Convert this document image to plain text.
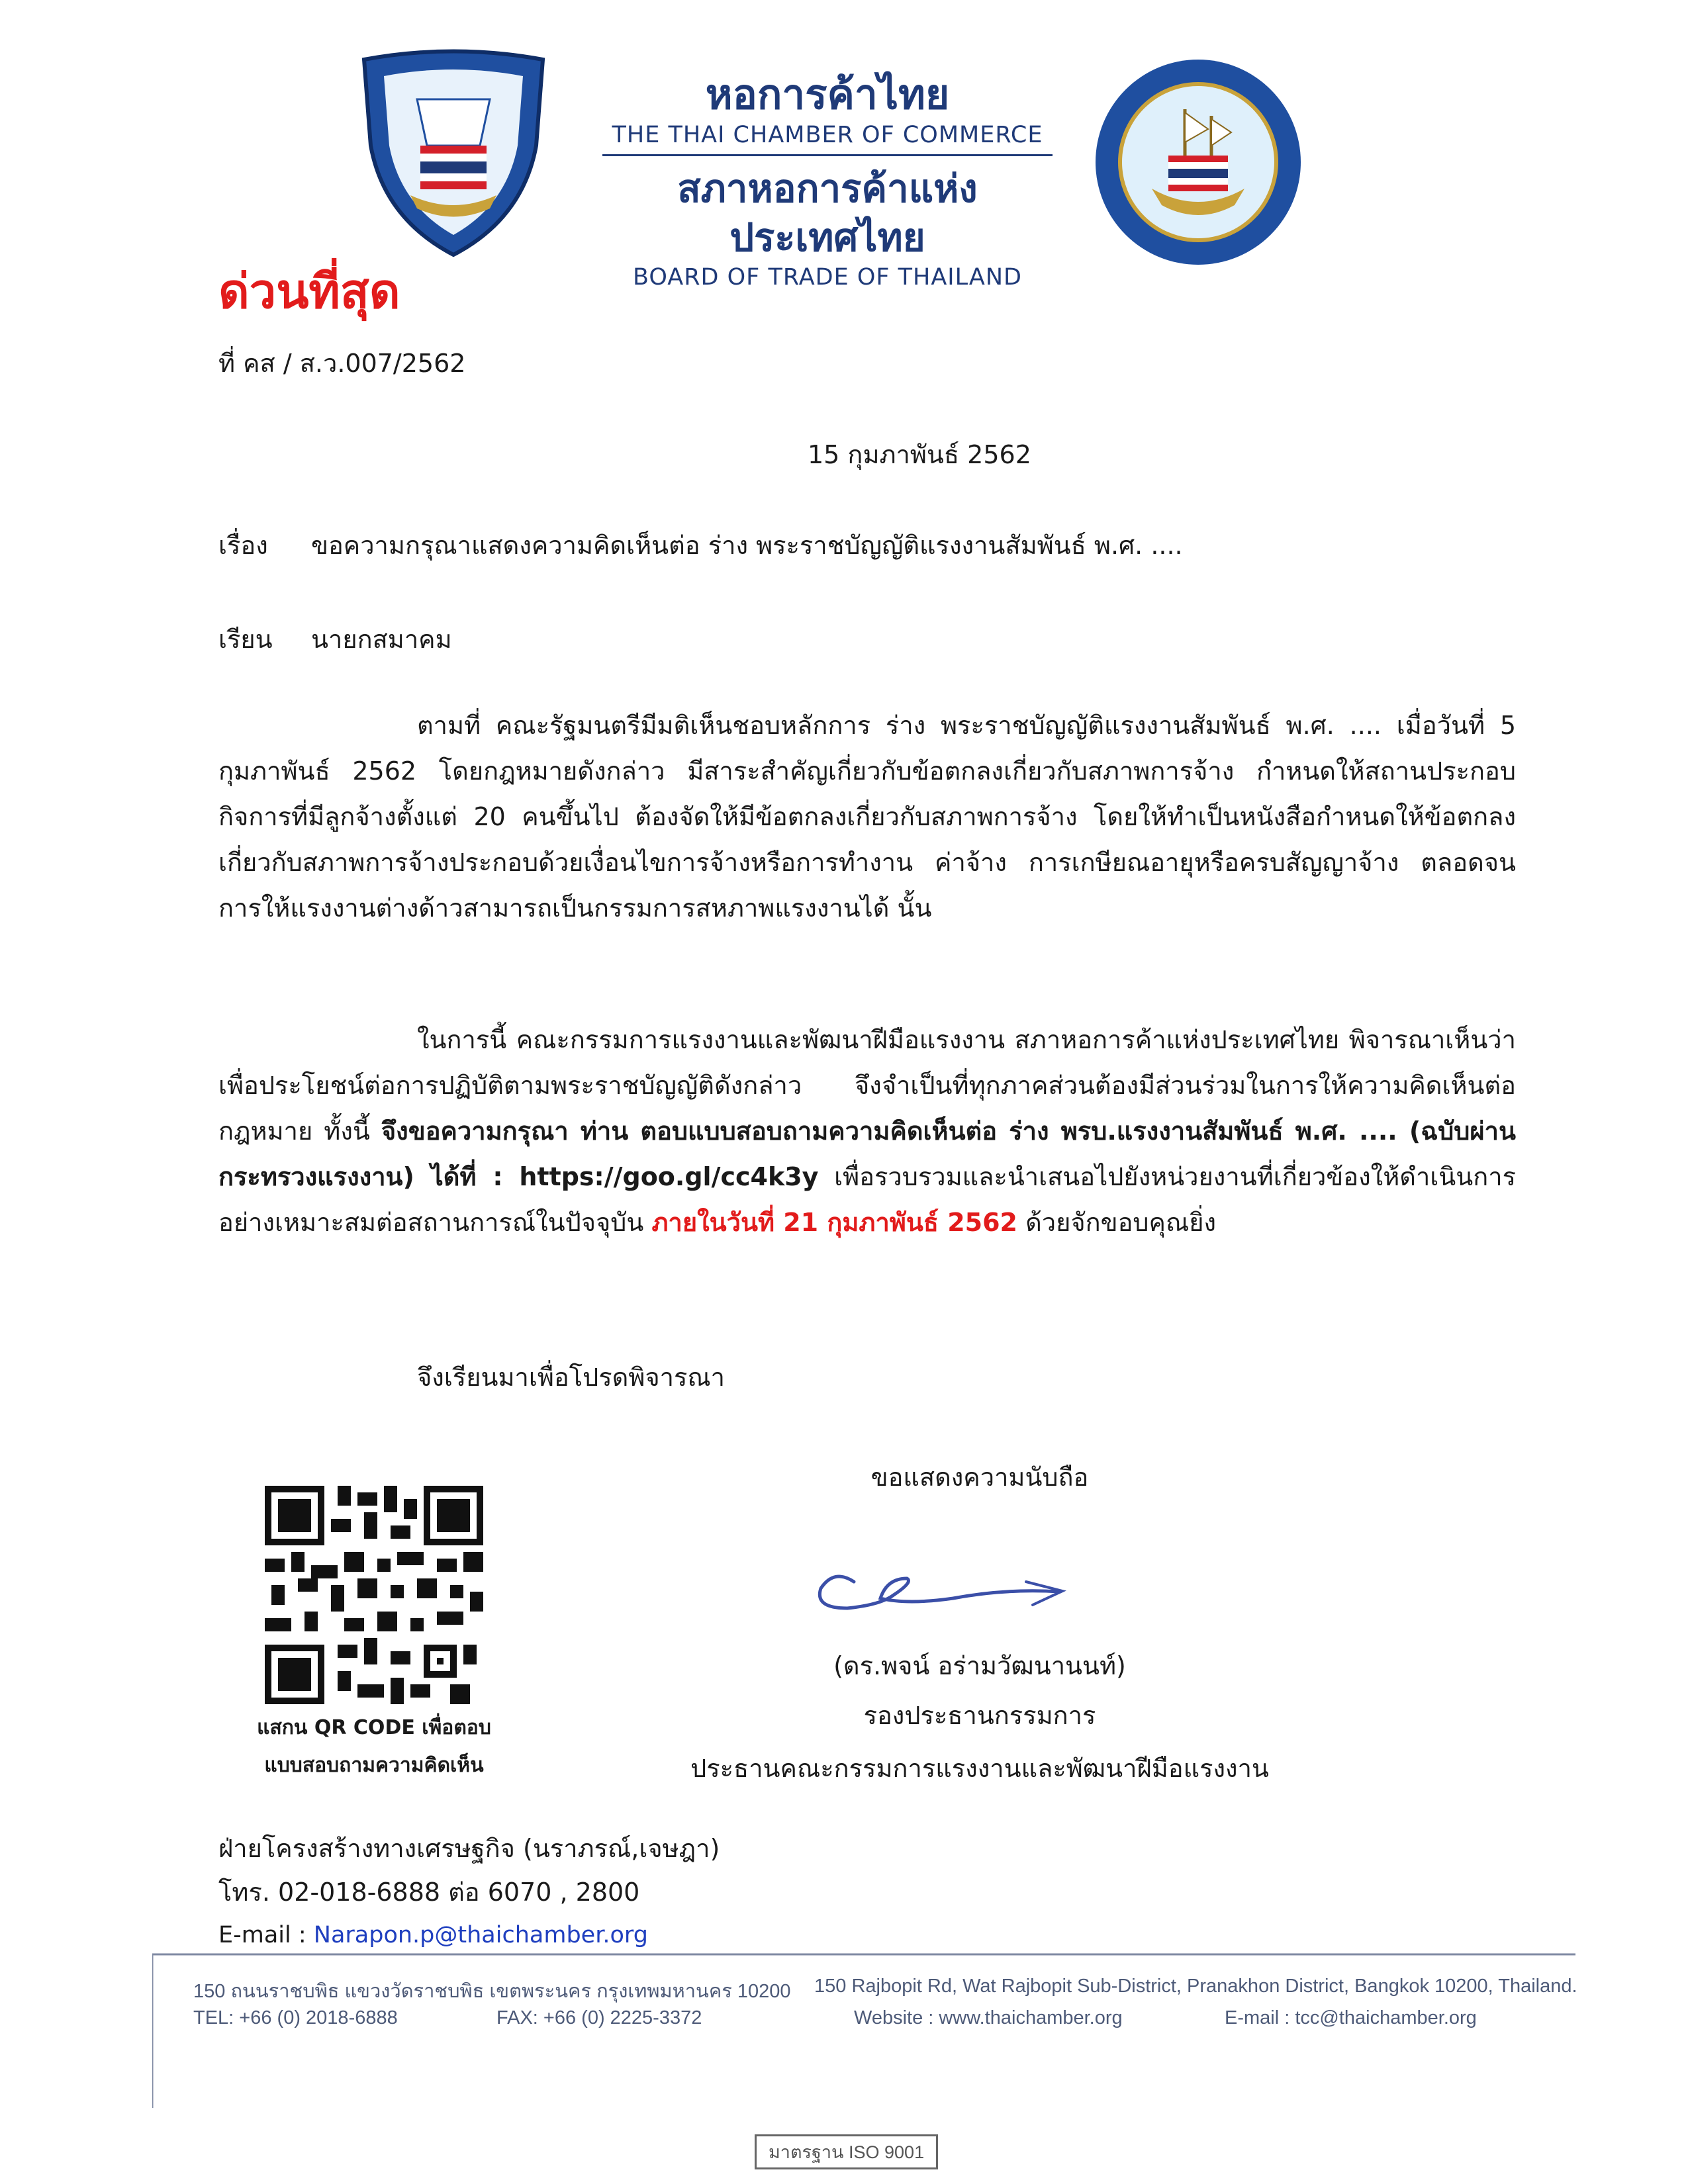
หอการค้าไทย
THE THAI CHAMBER OF COMMERCE
สภาหอการค้าแห่งประเทศไทย
BOARD OF TRADE OF THAILAND
ด่วนที่สุด
ที่ คส / ส.ว.007/2562
15 กุมภาพันธ์ 2562
เรื่อง ขอความกรุณาแสดงความคิดเห็นต่อ ร่าง พระราชบัญญัติแรงงานสัมพันธ์ พ.ศ. ....
เรียน นายกสมาคม
ตามที่ คณะรัฐมนตรีมีมติเห็นชอบหลักการ ร่าง พระราชบัญญัติแรงงานสัมพันธ์ พ.ศ. .... เมื่อวันที่ 5 กุมภาพันธ์ 2562 โดยกฎหมายดังกล่าว มีสาระสำคัญเกี่ยวกับข้อตกลงเกี่ยวกับสภาพการจ้าง กำหนดให้สถานประกอบกิจการที่มีลูกจ้างตั้งแต่ 20 คนขึ้นไป ต้องจัดให้มีข้อตกลงเกี่ยวกับสภาพการจ้าง โดยให้ทำเป็นหนังสือกำหนดให้ข้อตกลงเกี่ยวกับสภาพการจ้างประกอบด้วยเงื่อนไขการจ้างหรือการทำงาน ค่าจ้าง การเกษียณอายุหรือครบสัญญาจ้าง ตลอดจน การให้แรงงานต่างด้าวสามารถเป็นกรรมการสหภาพแรงงานได้ นั้น
ในการนี้ คณะกรรมการแรงงานและพัฒนาฝีมือแรงงาน สภาหอการค้าแห่งประเทศไทย พิจารณาเห็นว่าเพื่อประโยชน์ต่อการปฏิบัติตามพระราชบัญญัติดังกล่าว จึงจำเป็นที่ทุกภาคส่วนต้องมีส่วนร่วมในการให้ความคิดเห็นต่อกฎหมาย ทั้งนี้ จึงขอความกรุณา ท่าน ตอบแบบสอบถามความคิดเห็นต่อ ร่าง พรบ.แรงงานสัมพันธ์ พ.ศ. .... (ฉบับผ่านกระทรวงแรงงาน) ได้ที่ : https://goo.gl/cc4k3y เพื่อรวบรวมและนำเสนอไปยังหน่วยงานที่เกี่ยวข้องให้ดำเนินการอย่างเหมาะสมต่อสถานการณ์ในปัจจุบัน ภายในวันที่ 21 กุมภาพันธ์ 2562 ด้วยจักขอบคุณยิ่ง
จึงเรียนมาเพื่อโปรดพิจารณา
แสกน QR CODE เพื่อตอบ
แบบสอบถามความคิดเห็น
ขอแสดงความนับถือ
(ดร.พจน์ อร่ามวัฒนานนท์)
รองประธานกรรมการ
ประธานคณะกรรมการแรงงานและพัฒนาฝีมือแรงงาน
ฝ่ายโครงสร้างทางเศรษฐกิจ (นราภรณ์,เจษฎา)
โทร. 02-018-6888 ต่อ 6070 , 2800
E-mail : Narapon.p@thaichamber.org
150 ถนนราชบพิธ แขวงวัดราชบพิธ เขตพระนคร กรุงเทพมหานคร 10200 150 Rajbopit Rd, Wat Rajbopit Sub-District, Pranakhon District, Bangkok 10200, Thailand.
TEL: +66 (0) 2018-6888	FAX: +66 (0) 2225-3372	Website : www.thaichamber.org	E-mail : tcc@thaichamber.org
มาตรฐาน ISO 9001
